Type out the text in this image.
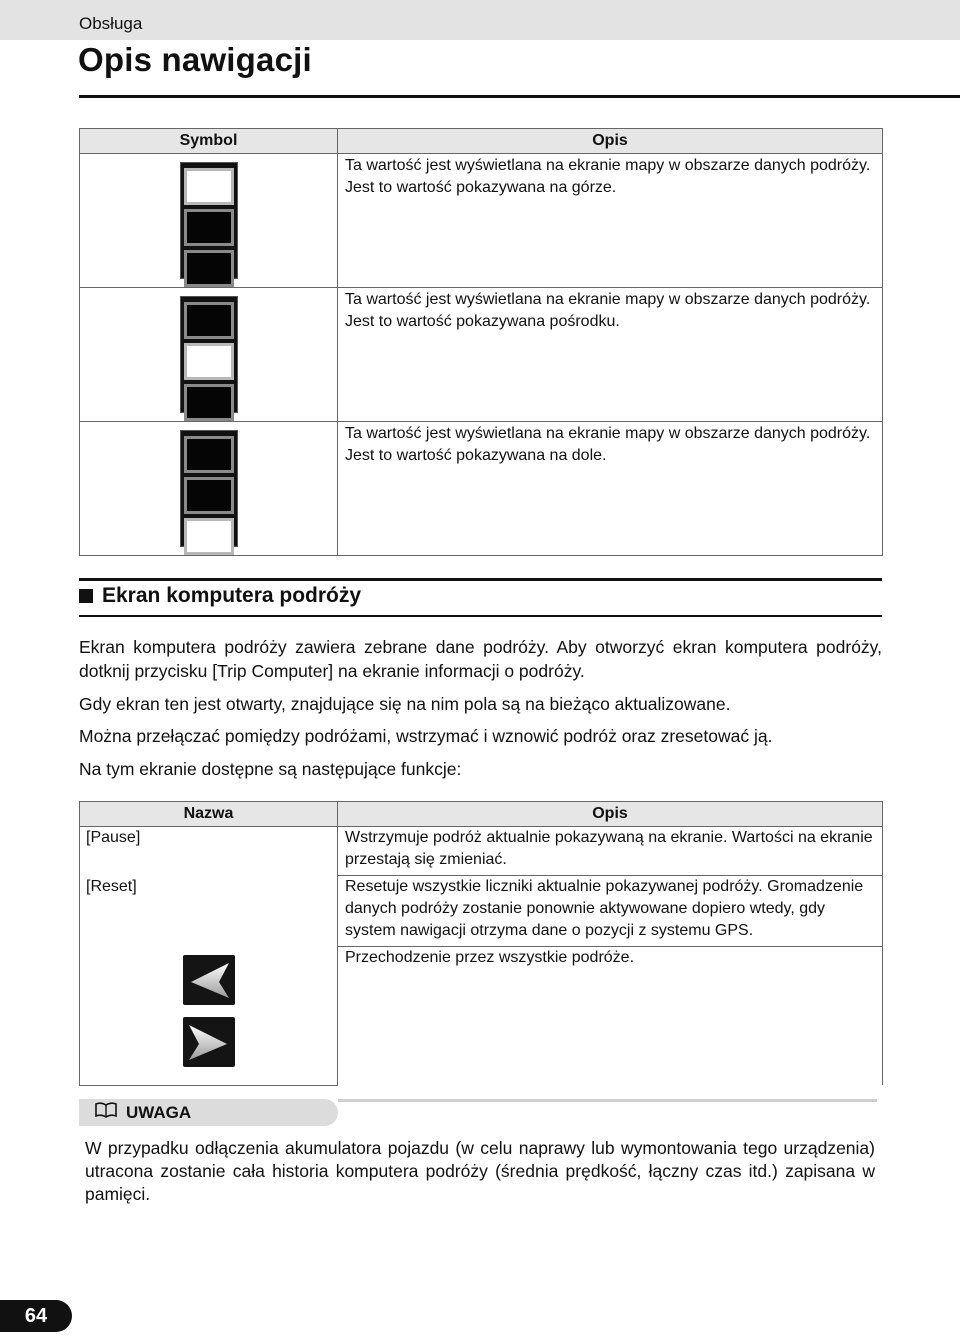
Obsługa
Opis nawigacji
Symbol	Opis

	Ta wartość jest wyświetlana na ekranie mapy w obszarze danych podróży. Jest to wartość pokazywana na górze.

	Ta wartość jest wyświetlana na ekranie mapy w obszarze danych podróży. Jest to wartość pokazywana pośrodku.

	Ta wartość jest wyświetlana na ekranie mapy w obszarze danych podróży. Jest to wartość pokazywana na dole.
Ekran komputera podróży
Ekran komputera podróży zawiera zebrane dane podróży. Aby otworzyć ekran komputera podróży, dotknij przycisku [Trip Computer] na ekranie informacji o podróży.
Gdy ekran ten jest otwarty, znajdujące się na nim pola są na bieżąco aktualizowane.
Można przełączać pomiędzy podróżami, wstrzymać i wznowić podróż oraz zresetować ją.
Na tym ekranie dostępne są następujące funkcje:
Nazwa	Opis
[Pause]	Wstrzymuje podróż aktualnie pokazywaną na ekranie. Wartości na ekranie przestają się zmieniać.
[Reset]	Resetuje wszystkie liczniki aktualnie pokazywanej podróży. Gromadzenie danych podróży zostanie ponownie aktywowane dopiero wtedy, gdy system nawigacji otrzyma dane o pozycji z systemu GPS.

	Przechodzenie przez wszystkie podróże.
UWAGA
W przypadku odłączenia akumulatora pojazdu (w celu naprawy lub wymontowania tego urządzenia) utracona zostanie cała historia komputera podróży (średnia prędkość, łączny czas itd.) zapisana w pamięci.
64
